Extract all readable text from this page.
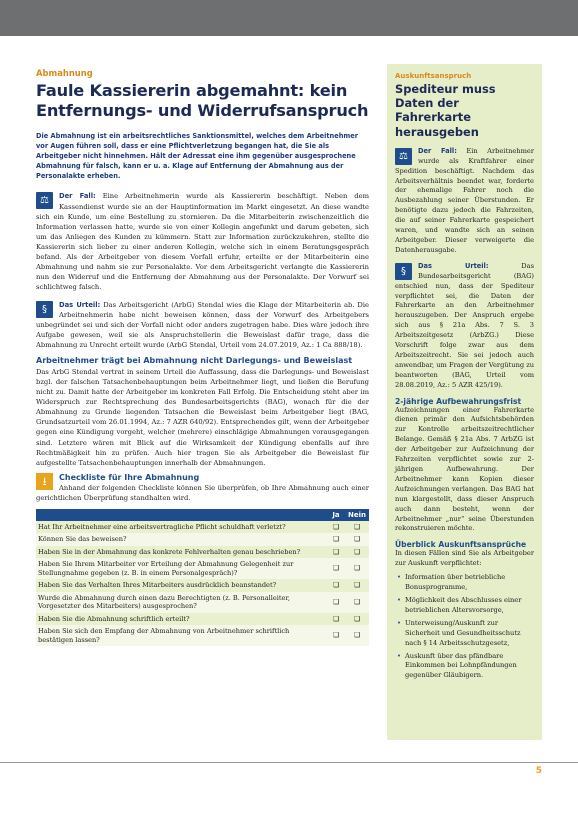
Abmahnung
Faule Kassiererin abgemahnt: kein Entfernungs- und Widerrufsanspruch
Die Abmahnung ist ein arbeitsrechtliches Sanktionsmittel, welches dem Arbeitnehmer vor Augen führen soll, dass er eine Pflichtverletzung begangen hat, die Sie als Arbeitgeber nicht hinnehmen. Hält der Adressat eine ihm gegenüber ausgesprochene Abmahnung für falsch, kann er u. a. Klage auf Entfernung der Abmahnung aus der Personalakte erheben.
⚖	Der Fall: Eine Arbeitnehmerin wurde als Kassiererin beschäftigt. Neben dem Kassendienst wurde sie an der Hauptinformation im Markt eingesetzt. An diese wandte sich ein Kunde, um eine Bestellung zu stornieren. Da die Mitarbeiterin zwischenzeitlich die Information verlassen hatte, wurde sie von einer Kollegin angefunkt und darum gebeten, sich um das Anliegen des Kunden zu kümmern. Statt zur Information zurückzukehren, stellte die Kassiererin sich lieber zu einer anderen Kollegin, welche sich in einem Beratungsgespräch befand. Als der Arbeitgeber von diesem Vorfall erfuhr, erteilte er der Mitarbeiterin eine Abmahnung und nahm sie zur Personalakte. Vor dem Arbeitsgericht verlangte die Kassiererin nun den Widerruf und die Entfernung der Abmahnung aus der Personalakte. Der Vorwurf sei schlichtweg falsch.
§	Das Urteil: Das Arbeitsgericht (ArbG) Stendal wies die Klage der Mitarbeiterin ab. Die Arbeitnehmerin habe nicht beweisen können, dass der Vorwurf des Arbeitgebers unbegründet sei und sich der Vorfall nicht oder anders zugetragen habe. Dies wäre jedoch ihre Aufgabe gewesen, weil sie als Anspruchstellerin die Beweislast dafür trage, dass die Abmahnung zu Unrecht erteilt wurde (ArbG Stendal, Urteil vom 24.07.2019, Az.: 1 Ca 888/18).
Arbeitnehmer trägt bei Abmahnung nicht Darlegungs- und Beweislast
Das ArbG Stendal vertrat in seinem Urteil die Auffassung, dass die Darlegungs- und Beweislast bzgl. der falschen Tatsachenbehauptungen beim Arbeitnehmer liegt, und ließen die Berufung nicht zu. Damit hatte der Arbeitgeber im konkreten Fall Erfolg. Die Entscheidung steht aber im Widerspruch zur Rechtsprechung des Bundesarbeitsgerichts (BAG), wonach für die der Abmahnung zu Grunde liegenden Tatsachen die Beweislast beim Arbeitgeber liegt (BAG, Grundsatzurteil vom 26.01.1994, Az.: 7 AZR 640/92). Entsprechendes gilt, wenn der Arbeitgeber gegen eine Kündigung vorgeht, welcher (mehrere) einschlägige Abmahnungen vorausgegangen sind. Letztere wären mit Blick auf die Wirksamkeit der Kündigung ebenfalls auf ihre Rechtmäßigkeit hin zu prüfen. Auch hier tragen Sie als Arbeitgeber die Beweislast für aufgestellte Tatsachenbehauptungen innerhalb der Abmahnungen.
⭳	Checkliste für Ihre Abmahnung
Anhand der folgenden Checkliste können Sie überprüfen, ob Ihre Abmahnung auch einer gerichtlichen Überprüfung standhalten wird.
	Ja	Nein
Hat Ihr Arbeitnehmer eine arbeitsvertragliche Pflicht schuldhaft verletzt?	❏	❏
Können Sie das beweisen?	❏	❏
Haben Sie in der Abmahnung das konkrete Fehlverhalten genau beschrieben?	❏	❏
Haben Sie Ihrem Mitarbeiter vor Erteilung der Abmahnung Gelegenheit zur Stellungnahme gegeben (z. B. in einem Personalgespräch)?	❏	❏
Haben Sie das Verhalten Ihres Mitarbeiters ausdrücklich beanstandet?	❏	❏
Wurde die Abmahnung durch einen dazu Berechtigten (z. B. Personalleiter, Vorgesetzter des Mitarbeiters) ausgesprochen?	❏	❏
Haben Sie die Abmahnung schriftlich erteilt?	❏	❏
Haben Sie sich den Empfang der Abmahnung von Arbeitnehmer schriftlich bestätigen lassen?	❏	❏
Auskunftsanspruch
Spediteur muss Daten der Fahrerkarte herausgeben
⚖	Der Fall: Ein Arbeitnehmer wurde als Kraftfahrer einer Spedition beschäftigt. Nachdem das Arbeitsverhältnis beendet war, forderte der ehemalige Fahrer noch die Ausbezahlung seiner Überstunden. Er benötigte dazu jedoch die Fahrzeiten, die auf seiner Fahrerkarte gespeichert waren, und wandte sich an seinen Arbeitgeber. Dieser verweigerte die Datenherausgabe.
§	Das Urteil:	Das Bundesarbeitsgericht (BAG) entschied nun, dass der Spediteur verpflichtet sei, die Daten der Fahrerkarte an den Arbeitnehmer herauszugeben. Der Anspruch ergebe sich aus § 21a Abs. 7 S. 3 Arbeitszeitgesetz (ArbZG.) Diese Vorschrift folge zwar aus dem Arbeitszeitrecht. Sie sei jedoch auch anwendbar, um Fragen der Vergütung zu beantworten (BAG, Urteil vom 28.08.2019, Az.: 5 AZR 425/19).
2-jährige Aufbewahrungsfrist
Aufzeichnungen einer Fahrerkarte dienen primär den Aufsichtsbehörden zur Kontrolle arbeitszeitrechtlicher Belange. Gemäß § 21a Abs. 7 ArbZG ist der Arbeitgeber zur Aufzeichnung der Fahrzeiten verpflichtet sowie zur 2-jährigen Aufbewahrung. Der Arbeitnehmer kann Kopien dieser Aufzeichnungen verlangen. Das BAG hat nun klargestellt, dass dieser Anspruch auch dann besteht, wenn der Arbeitnehmer „nur“ seine Überstunden rekonstruieren möchte.
Überblick Auskunftsansprüche
In diesen Fällen sind Sie als Arbeitgeber zur Auskunft verpflichtet:
• Information über betriebliche Bonusprogramme,
• Möglichkeit des Abschlusses einer betrieblichen Altersvorsorge,
• Unterweisung/Auskunft zur Sicherheit und Gesundheitsschutz nach § 14 Arbeitsschutzgesetz,
• Auskunft über das pfändbare Einkommen bei Lohnpfändungen gegenüber Gläubigern.
5
